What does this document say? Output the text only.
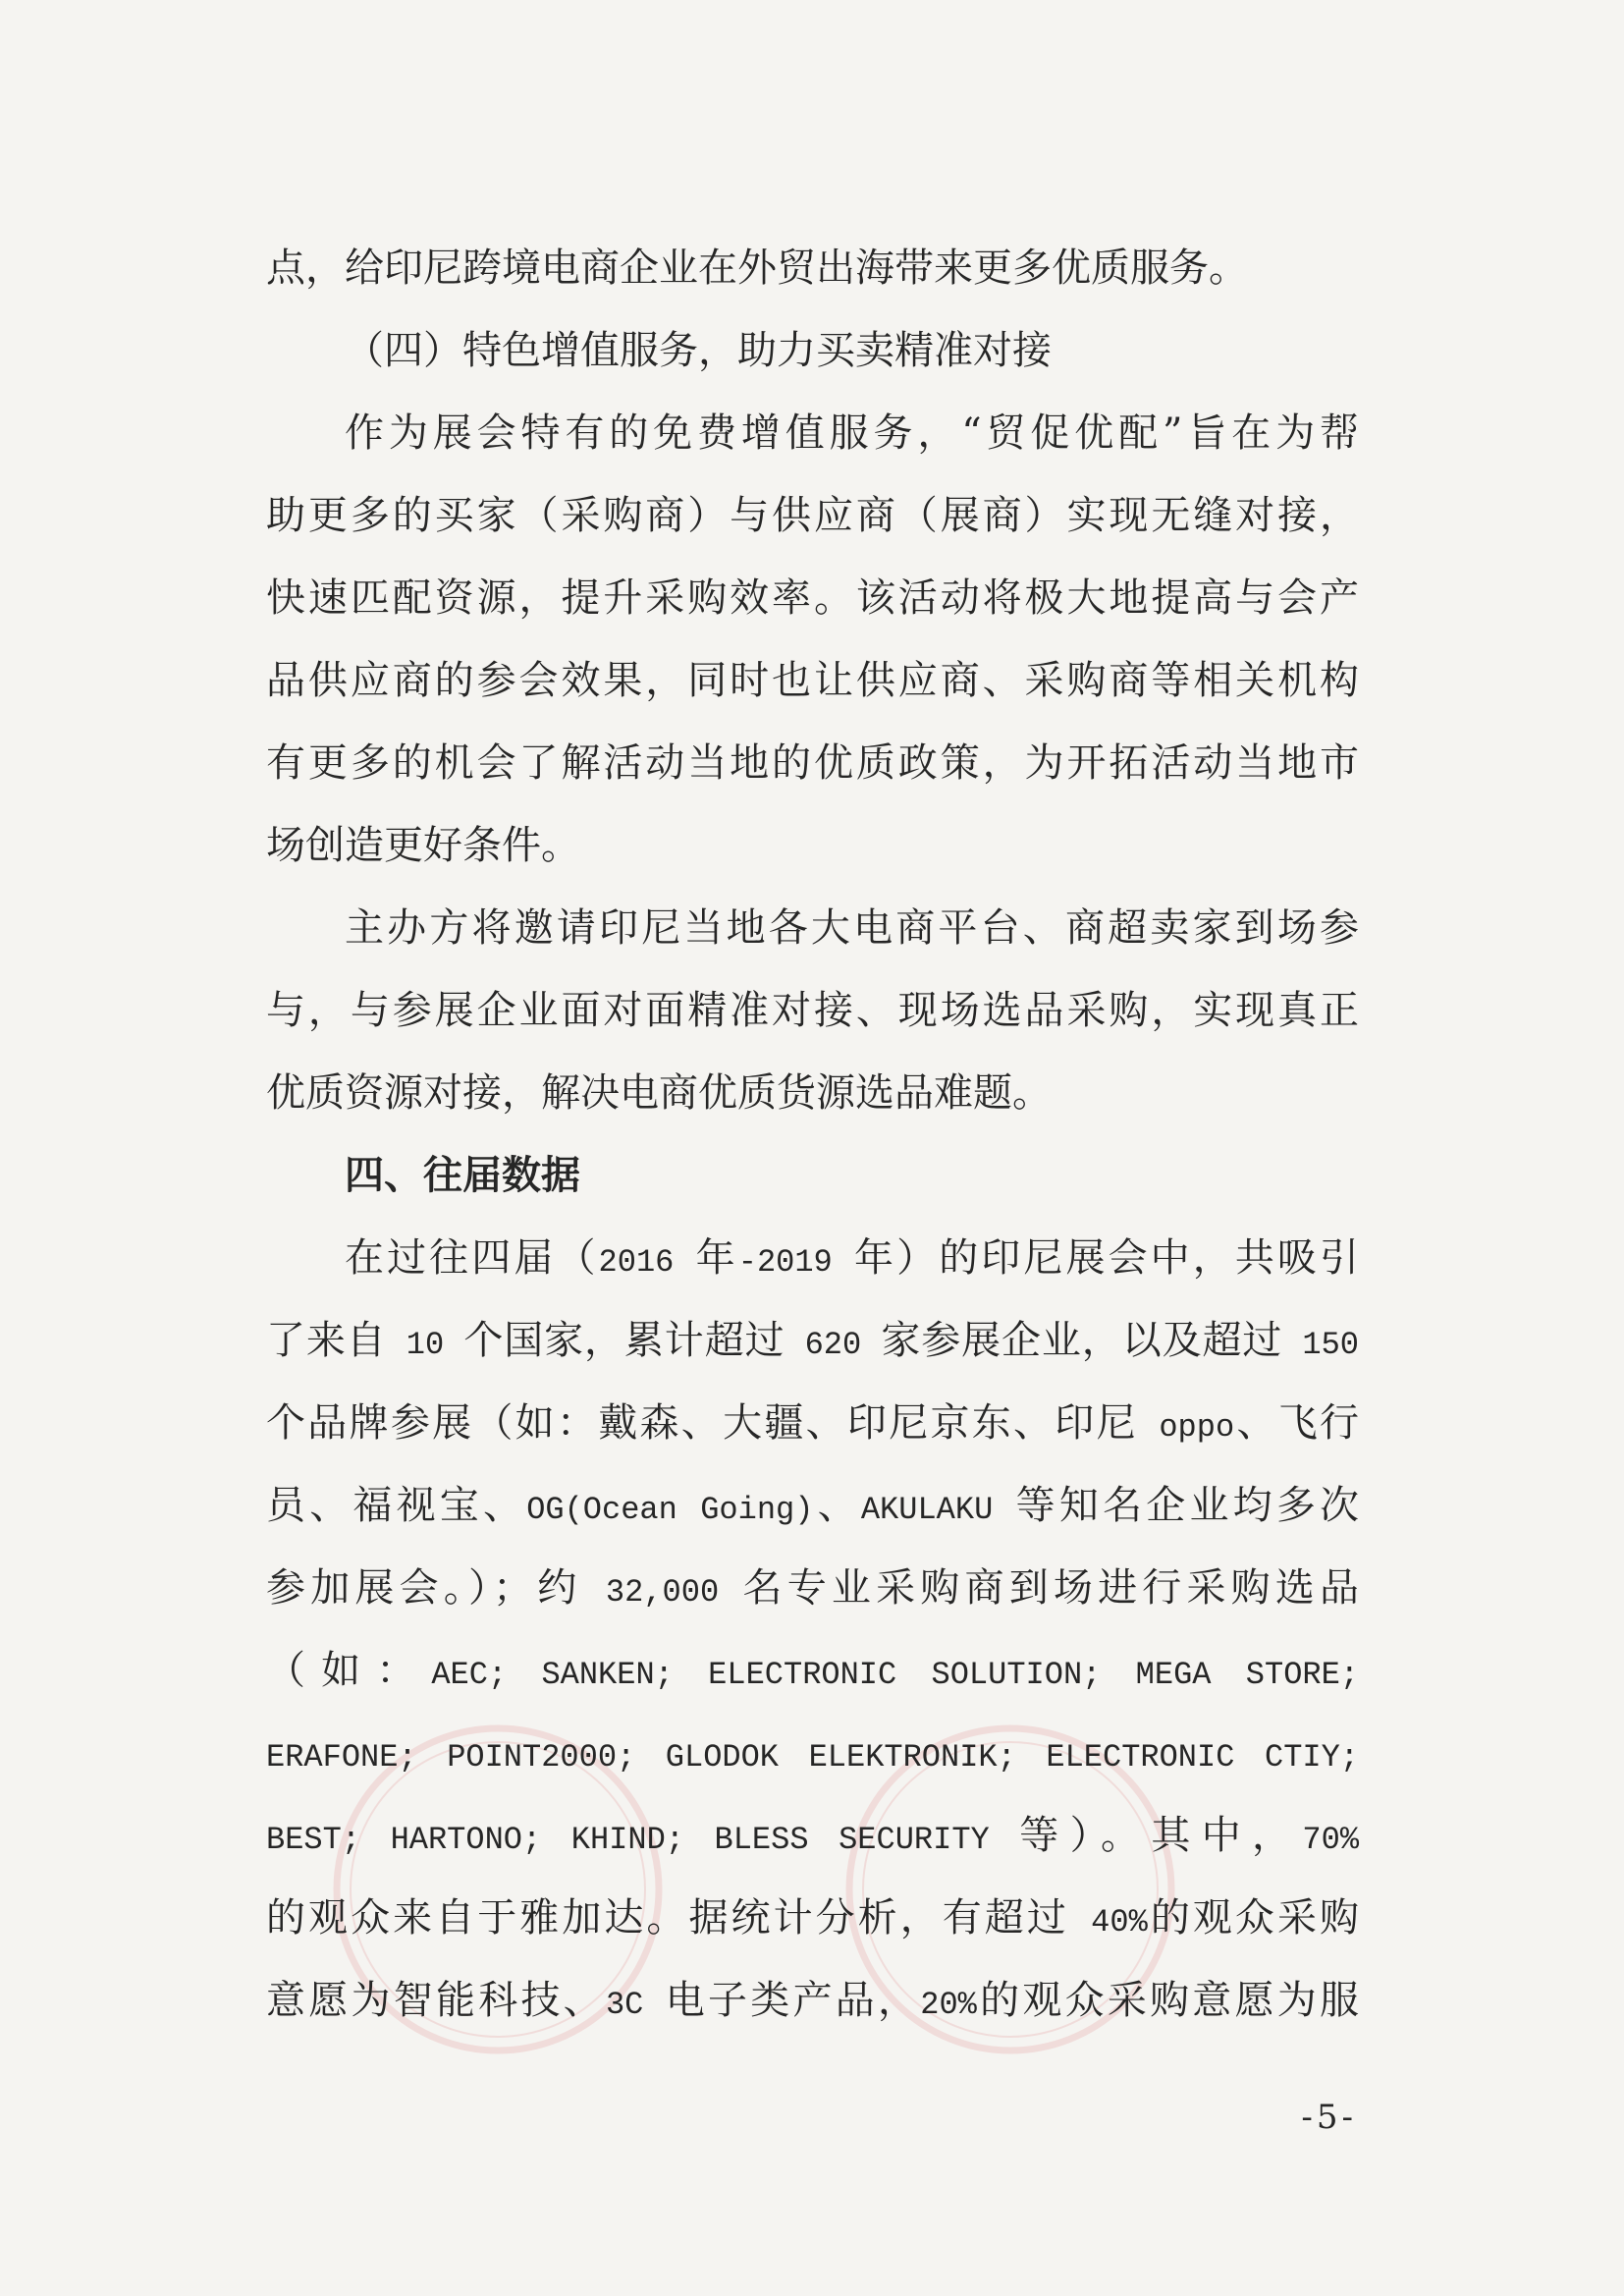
点，给印尼跨境电商企业在外贸出海带来更多优质服务。
（四）特色增值服务，助力买卖精准对接
作为展会特有的免费增值服务，“贸促优配”旨在为帮
助更多的买家（采购商）与供应商（展商）实现无缝对接，
快速匹配资源，提升采购效率。该活动将极大地提高与会产
品供应商的参会效果，同时也让供应商、采购商等相关机构
有更多的机会了解活动当地的优质政策，为开拓活动当地市
场创造更好条件。
主办方将邀请印尼当地各大电商平台、商超卖家到场参
与，与参展企业面对面精准对接、现场选品采购，实现真正
优质资源对接，解决电商优质货源选品难题。
四、往届数据
在过往四届（2016 年-2019 年）的印尼展会中，共吸引
了来自 10 个国家，累计超过 620 家参展企业，以及超过 150
个品牌参展（如：戴森、大疆、印尼京东、印尼 oppo、飞行
员、福视宝、OG(Ocean Going)、AKULAKU 等知名企业均多次
参加展会。）；约 32,000 名专业采购商到场进行采购选品
（如：AEC; SANKEN; ELECTRONIC SOLUTION; MEGA STORE;
ERAFONE; POINT2000; GLODOK ELEKTRONIK; ELECTRONIC CTIY;
BEST; HARTONO; KHIND; BLESS SECURITY 等）。其中，70%
的观众来自于雅加达。据统计分析，有超过 40%的观众采购
意愿为智能科技、3C 电子类产品，20%的观众采购意愿为服
-5-
